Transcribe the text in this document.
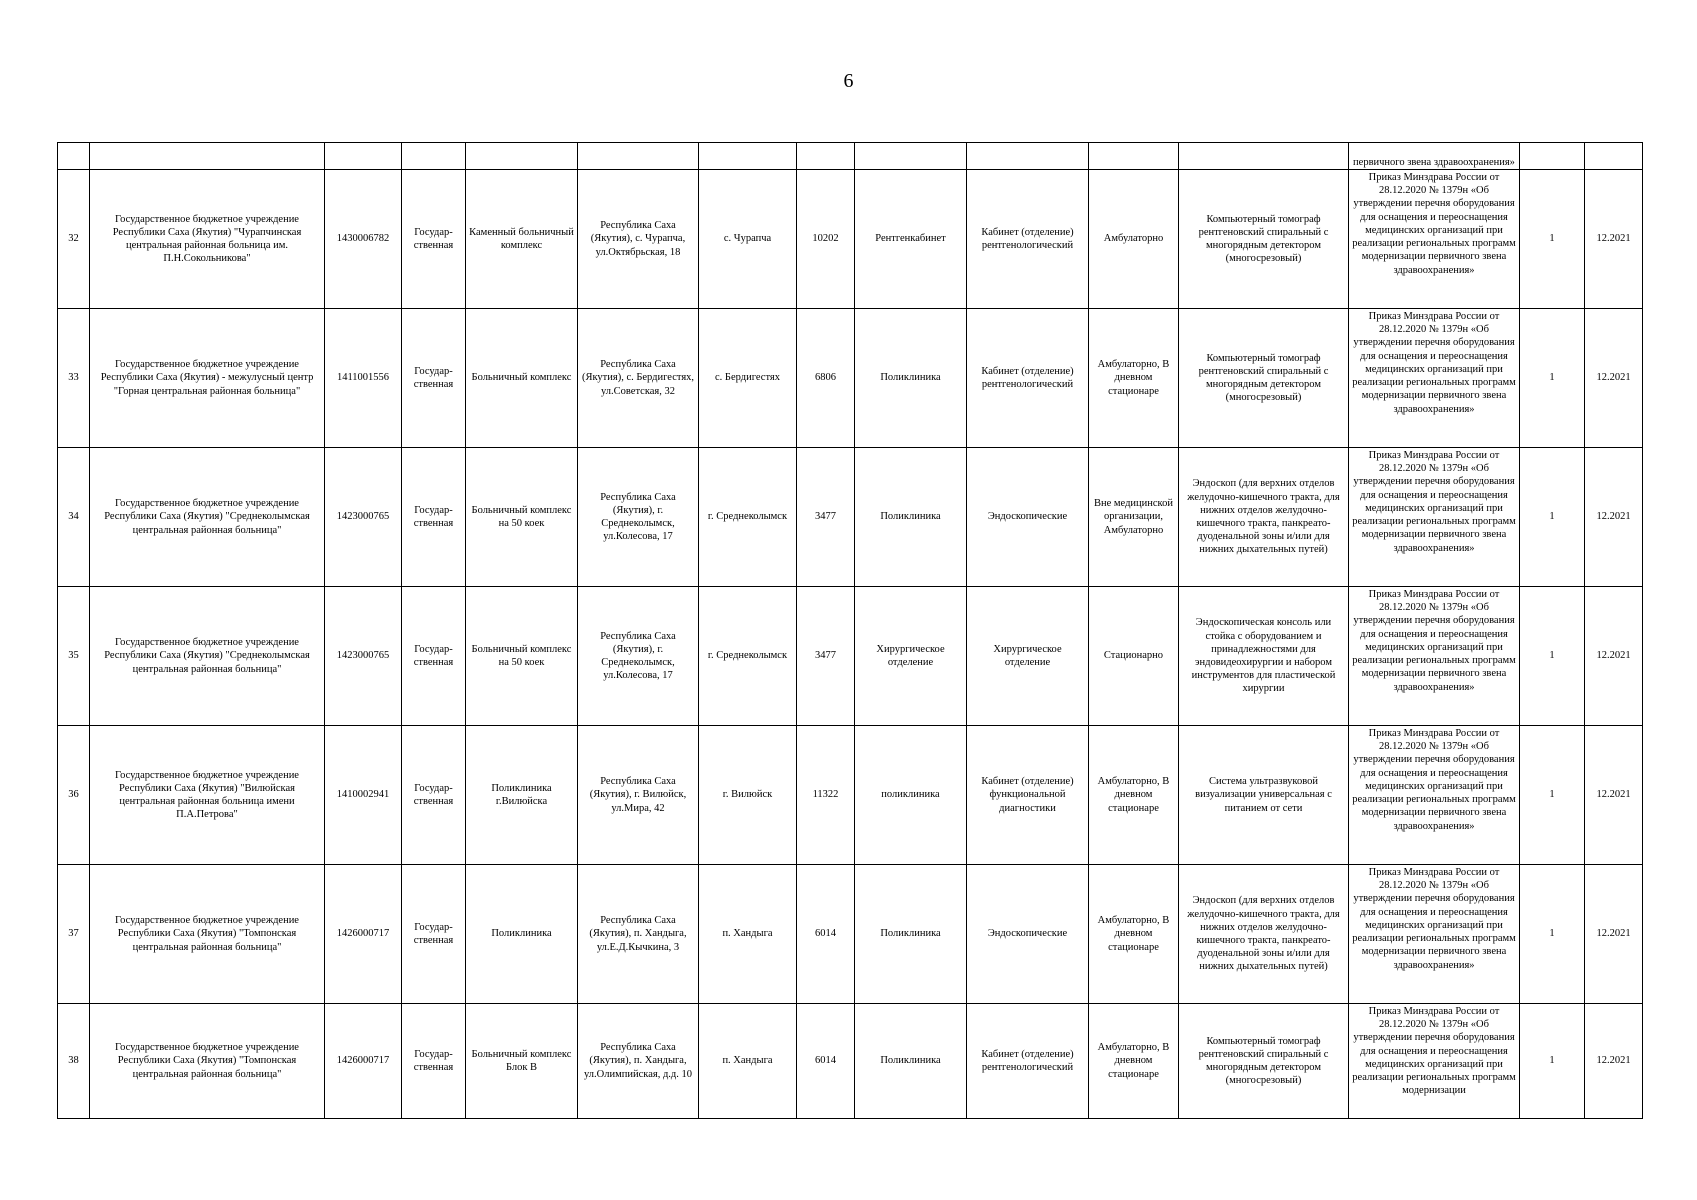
6
												первичного звена здравоохранения»		
32	Государственное бюджетное учреждение Республики Саха (Якутия) "Чурапчинская центральная районная больница им. П.Н.Сокольникова"	1430006782	Государ-ственная	Каменный больничный комплекс	Республика Саха (Якутия), с. Чурапча, ул.Октябрьская, 18	с. Чурапча	10202	Рентгенкабинет	Кабинет (отделение) рентгенологический	Амбулаторно	Компьютерный томограф рентгеновский спиральный с многорядным детектором (многосрезовый)	Приказ Минздрава России от 28.12.2020 № 1379н «Об утверждении перечня оборудования для оснащения и переоснащения медицинских организаций при реализации региональных программ модернизации первичного звена здравоохранения»	1	12.2021
33	Государственное бюджетное учреждение Республики Саха (Якутия) - межулусный центр "Горная центральная районная больница"	1411001556	Государ-ственная	Больничный комплекс	Республика Саха (Якутия), с. Бердигестях, ул.Советская, 32	с. Бердигестях	6806	Поликлиника	Кабинет (отделение) рентгенологический	Амбулаторно, В дневном стационаре	Компьютерный томограф рентгеновский спиральный с многорядным детектором (многосрезовый)	Приказ Минздрава России от 28.12.2020 № 1379н «Об утверждении перечня оборудования для оснащения и переоснащения медицинских организаций при реализации региональных программ модернизации первичного звена здравоохранения»	1	12.2021
34	Государственное бюджетное учреждение Республики Саха (Якутия) "Среднеколымская центральная районная больница"	1423000765	Государ-ственная	Больничный комплекс на 50 коек	Республика Саха (Якутия), г. Среднеколымск, ул.Колесова, 17	г. Среднеколымск	3477	Поликлиника	Эндоскопические	Вне медицинской организации, Амбулаторно	Эндоскоп (для верхних отделов желудочно-кишечного тракта, для нижних отделов желудочно-кишечного тракта, панкреато-дуоденальной зоны и/или для нижних дыхательных путей)	Приказ Минздрава России от 28.12.2020 № 1379н «Об утверждении перечня оборудования для оснащения и переоснащения медицинских организаций при реализации региональных программ модернизации первичного звена здравоохранения»	1	12.2021
35	Государственное бюджетное учреждение Республики Саха (Якутия) "Среднеколымская центральная районная больница"	1423000765	Государ-ственная	Больничный комплекс на 50 коек	Республика Саха (Якутия), г. Среднеколымск, ул.Колесова, 17	г. Среднеколымск	3477	Хирургическое отделение	Хирургическое отделение	Стационарно	Эндоскопическая консоль или стойка с оборудованием и принадлежностями для эндовидеохирургии и набором инструментов для пластической хирургии	Приказ Минздрава России от 28.12.2020 № 1379н «Об утверждении перечня оборудования для оснащения и переоснащения медицинских организаций при реализации региональных программ модернизации первичного звена здравоохранения»	1	12.2021
36	Государственное бюджетное учреждение Республики Саха (Якутия) "Вилюйская центральная районная больница имени П.А.Петрова"	1410002941	Государ-ственная	Поликлиника г.Вилюйска	Республика Саха (Якутия), г. Вилюйск, ул.Мира, 42	г. Вилюйск	11322	поликлиника	Кабинет (отделение) функциональной диагностики	Амбулаторно, В дневном стационаре	Система ультразвуковой визуализации универсальная с питанием от сети	Приказ Минздрава России от 28.12.2020 № 1379н «Об утверждении перечня оборудования для оснащения и переоснащения медицинских организаций при реализации региональных программ модернизации первичного звена здравоохранения»	1	12.2021
37	Государственное бюджетное учреждение Республики Саха (Якутия) "Томпонская центральная районная больница"	1426000717	Государ-ственная	Поликлиника	Республика Саха (Якутия), п. Хандыга, ул.Е.Д.Кычкина, 3	п. Хандыга	6014	Поликлиника	Эндоскопические	Амбулаторно, В дневном стационаре	Эндоскоп (для верхних отделов желудочно-кишечного тракта, для нижних отделов желудочно-кишечного тракта, панкреато-дуоденальной зоны и/или для нижних дыхательных путей)	Приказ Минздрава России от 28.12.2020 № 1379н «Об утверждении перечня оборудования для оснащения и переоснащения медицинских организаций при реализации региональных программ модернизации первичного звена здравоохранения»	1	12.2021
38	Государственное бюджетное учреждение Республики Саха (Якутия) "Томпонская центральная районная больница"	1426000717	Государ-ственная	Больничный комплекс Блок В	Республика Саха (Якутия), п. Хандыга, ул.Олимпийская, д.д. 10	п. Хандыга	6014	Поликлиника	Кабинет (отделение) рентгенологический	Амбулаторно, В дневном стационаре	Компьютерный томограф рентгеновский спиральный с многорядным детектором (многосрезовый)	Приказ Минздрава России от 28.12.2020 № 1379н «Об утверждении перечня оборудования для оснащения и переоснащения медицинских организаций при реализации региональных программ модернизации	1	12.2021
